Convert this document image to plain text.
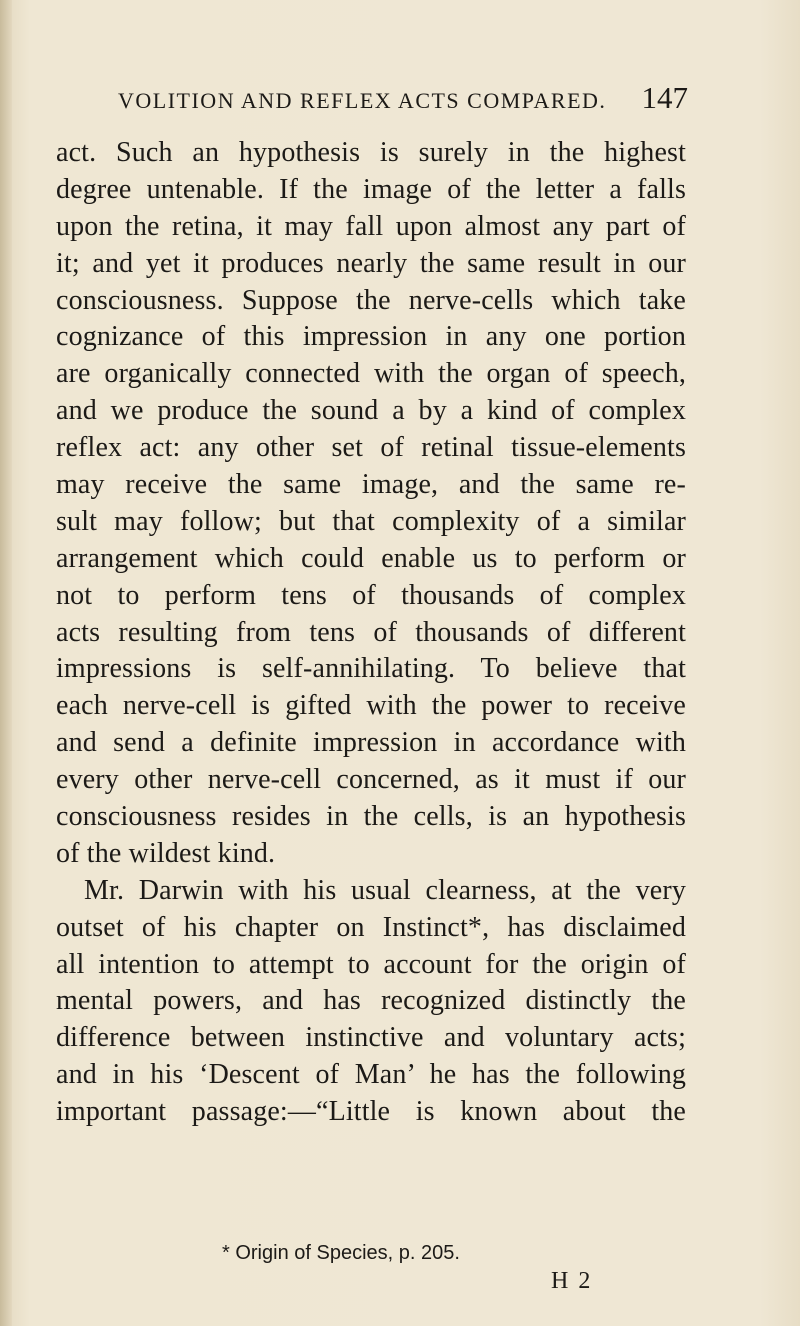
VOLITION AND REFLEX ACTS COMPARED. 147
act. Such an hypothesis is surely in the highest
degree untenable. If the image of the letter a falls
upon the retina, it may fall upon almost any part of
it; and yet it produces nearly the same result in our
consciousness. Suppose the nerve-cells which take
cognizance of this impression in any one portion
are organically connected with the organ of speech,
and we produce the sound a by a kind of complex
reflex act: any other set of retinal tissue-elements
may receive the same image, and the same re-
sult may follow; but that complexity of a similar
arrangement which could enable us to perform or
not to perform tens of thousands of complex
acts resulting from tens of thousands of different
impressions is self-annihilating. To believe that
each nerve-cell is gifted with the power to receive
and send a definite impression in accordance with
every other nerve-cell concerned, as it must if our
consciousness resides in the cells, is an hypothesis
of the wildest kind.
Mr. Darwin with his usual clearness, at the very
outset of his chapter on Instinct*, has disclaimed
all intention to attempt to account for the origin of
mental powers, and has recognized distinctly the
difference between instinctive and voluntary acts;
and in his ‘Descent of Man’ he has the following
important passage:—“Little is known about the
* Origin of Species, p. 205.
H 2
